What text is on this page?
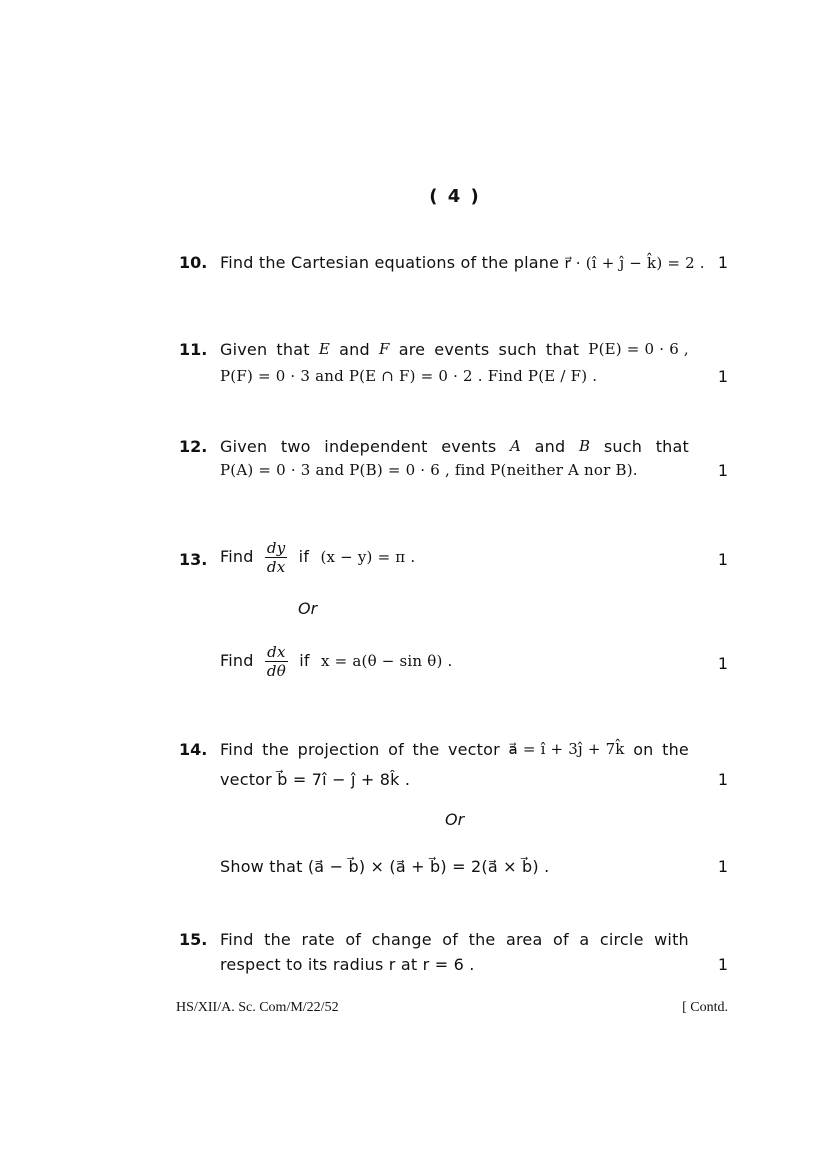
( 4 )
10. Find the Cartesian equations of the plane r⃗ · (î + ĵ − k̂) = 2 . 1
11. Given that E and F are events such that P(E) = 0 · 6 ,
P(F) = 0 · 3 and P(E ∩ F) = 0 · 2 . Find P(E / F) .	1
12. Given two independent events A and B such that
P(A) = 0 · 3 and P(B) = 0 · 6 , find P(neither A nor B).	1
13. Find $\frac{dy}{dx}$ if (x − y) = π .	1
Or
Find $\frac{dx}{d\theta}$ if x = a(θ − sin θ) .	1
14. Find the projection of the vector a⃗ = î + 3ĵ + 7k̂ on the
vector b⃗ = 7î − ĵ + 8k̂ .	1
Or
Show that (a⃗ − b⃗) × (a⃗ + b⃗) = 2(a⃗ × b⃗) .	1
15. Find the rate of change of the area of a circle with
respect to its radius r at r = 6 .	1
HS/XII/A. Sc. Com/M/22/52	[ Contd.
